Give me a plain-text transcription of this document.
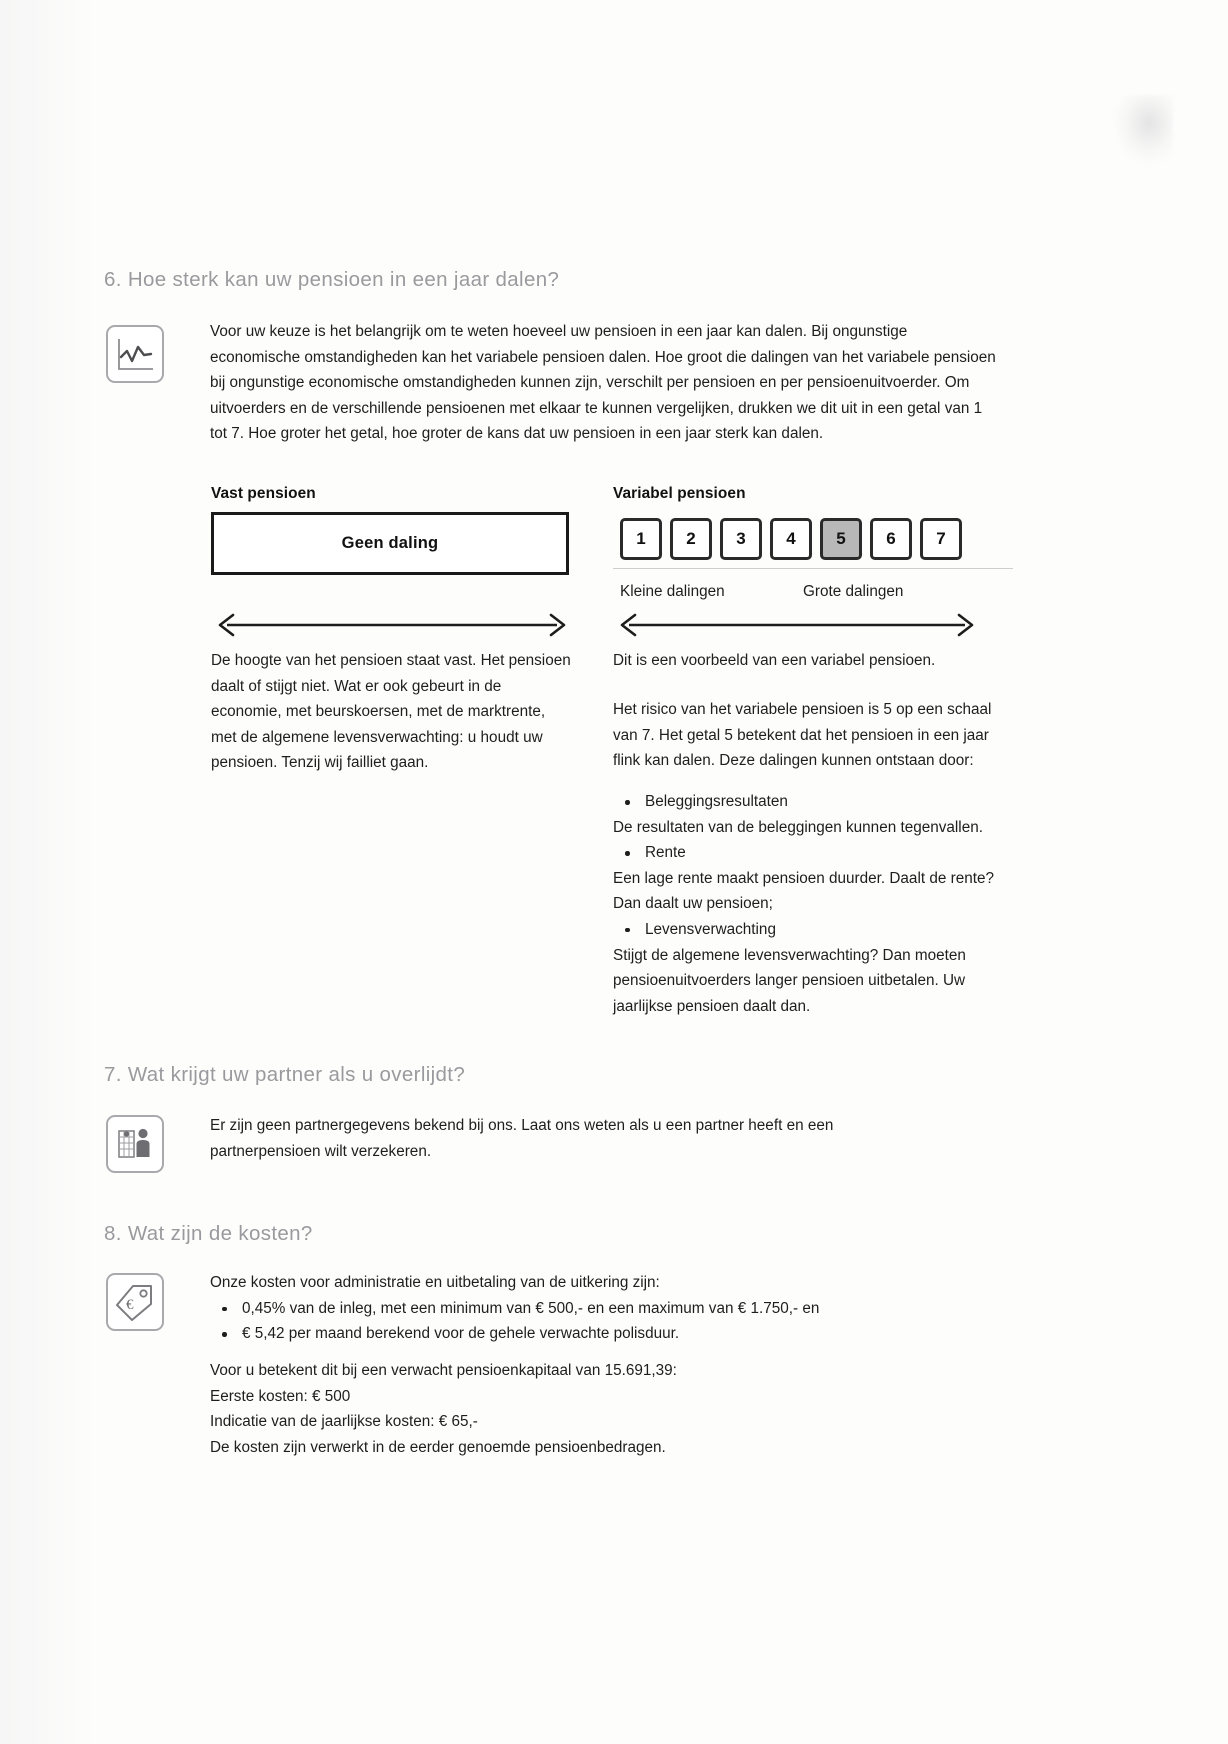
6. Hoe sterk kan uw pensioen in een jaar dalen?

Voor uw keuze is het belangrijk om te weten hoeveel uw pensioen in een jaar kan dalen. Bij ongunstige economische omstandigheden kan het variabele pensioen dalen. Hoe groot die dalingen van het variabele pensioen bij ongunstige economische omstandigheden kunnen zijn, verschilt per pensioen en per pensioenuitvoerder. Om uitvoerders en de verschillende pensioenen met elkaar te kunnen vergelijken, drukken we dit uit in een getal van 1 tot 7. Hoe groter het getal, hoe groter de kans dat uw pensioen in een jaar sterk kan dalen.

Vast pensioen
Geen daling

De hoogte van het pensioen staat vast. Het pensioen daalt of stijgt niet. Wat er ook gebeurt in de economie, met beurskoersen, met de marktrente, met de algemene levensverwachting: u houdt uw pensioen. Tenzij wij failliet gaan.

Variabel pensioen
1	2	3	4	5	6	7
Kleine dalingen	Grote dalingen

Dit is een voorbeeld van een variabel pensioen.

Het risico van het variabele pensioen is 5 op een schaal van 7. Het getal 5 betekent dat het pensioen in een jaar flink kan dalen. Deze dalingen kunnen ontstaan door:

Beleggingsresultaten
De resultaten van de beleggingen kunnen tegenvallen.
Rente
Een lage rente maakt pensioen duurder. Daalt de rente? Dan daalt uw pensioen;
Levensverwachting
Stijgt de algemene levensverwachting? Dan moeten pensioenuitvoerders langer pensioen uitbetalen. Uw jaarlijkse pensioen daalt dan.
7. Wat krijgt uw partner als u overlijdt?

Er zijn geen partnergegevens bekend bij ons. Laat ons weten als u een partner heeft en een partnerpensioen wilt verzekeren.

8. Wat zijn de kosten?
€

Onze kosten voor administratie en uitbetaling van de uitkering zijn:

0,45% van de inleg, met een minimum van € 500,- en een maximum van € 1.750,- en
€ 5,42 per maand berekend voor de gehele verwachte polisduur.
Voor u betekent dit bij een verwacht pensioenkapitaal van 15.691,39:
Eerste kosten: € 500
Indicatie van de jaarlijkse kosten: € 65,-
De kosten zijn verwerkt in de eerder genoemde pensioenbedragen.
